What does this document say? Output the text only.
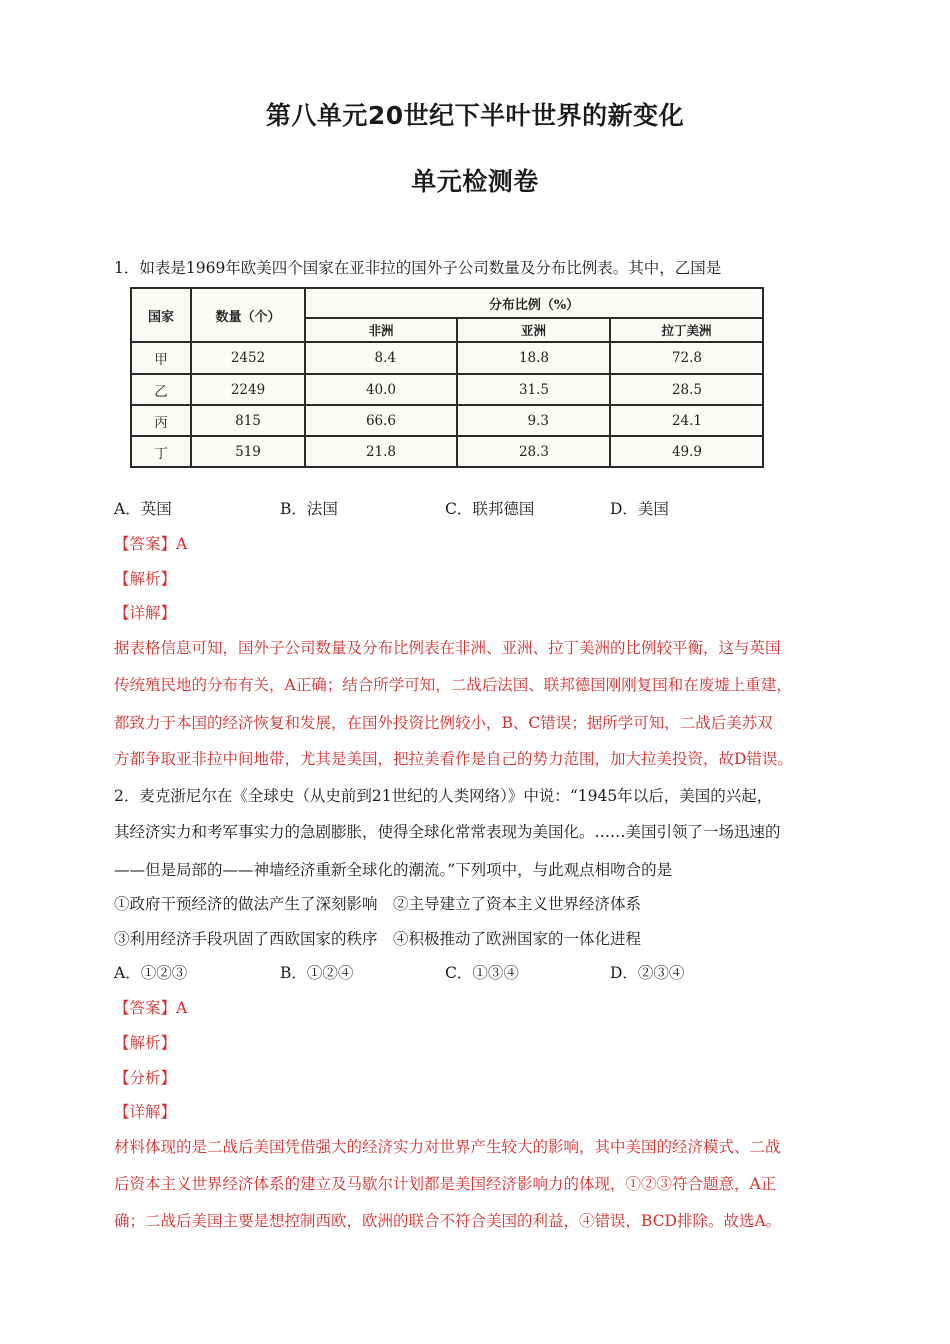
第八单元20世纪下半叶世界的新变化
单元检测卷
1．如表是1969年欧美四个国家在亚非拉的国外子公司数量及分布比例表。其中，乙国是
国家	数量（个）	分布比例（%）		
		非洲	亚洲	拉丁美洲
甲	2452	8.4	18.8	72.8
乙	2249	40.0	31.5	28.5
丙	815	66.6	9.3	24.1
丁	519	21.8	28.3	49.9
A．英国	B．法国	C．联邦德国	D．美国
【答案】A
【解析】
【详解】
据表格信息可知，国外子公司数量及分布比例表在非洲、亚洲、拉丁美洲的比例较平衡，这与英国
传统殖民地的分布有关，A正确；结合所学可知，二战后法国、联邦德国刚刚复国和在废墟上重建，
都致力于本国的经济恢复和发展，在国外投资比例较小，B、C错误；据所学可知，二战后美苏双
方都争取亚非拉中间地带，尤其是美国，把拉美看作是自己的势力范围，加大拉美投资，故D错误。
2．麦克浙尼尔在《全球史（从史前到21世纪的人类网络）》中说：“1945年以后，美国的兴起，
其经济实力和考军事实力的急剧膨胀，使得全球化常常表现为美国化。……美国引领了一场迅速的
——但是局部的——神墙经济重新全球化的潮流。”下列项中，与此观点相吻合的是
①政府干预经济的做法产生了深刻影响　②主导建立了资本主义世界经济体系
③利用经济手段巩固了西欧国家的秩序　④积极推动了欧洲国家的一体化进程
A．①②③	B．①②④	C．①③④	D．②③④
【答案】A
【解析】
【分析】
【详解】
材料体现的是二战后美国凭借强大的经济实力对世界产生较大的影响，其中美国的经济模式、二战
后资本主义世界经济体系的建立及马歇尔计划都是美国经济影响力的体现，①②③符合题意，A正
确；二战后美国主要是想控制西欧，欧洲的联合不符合美国的利益，④错误，BCD排除。故选A。
